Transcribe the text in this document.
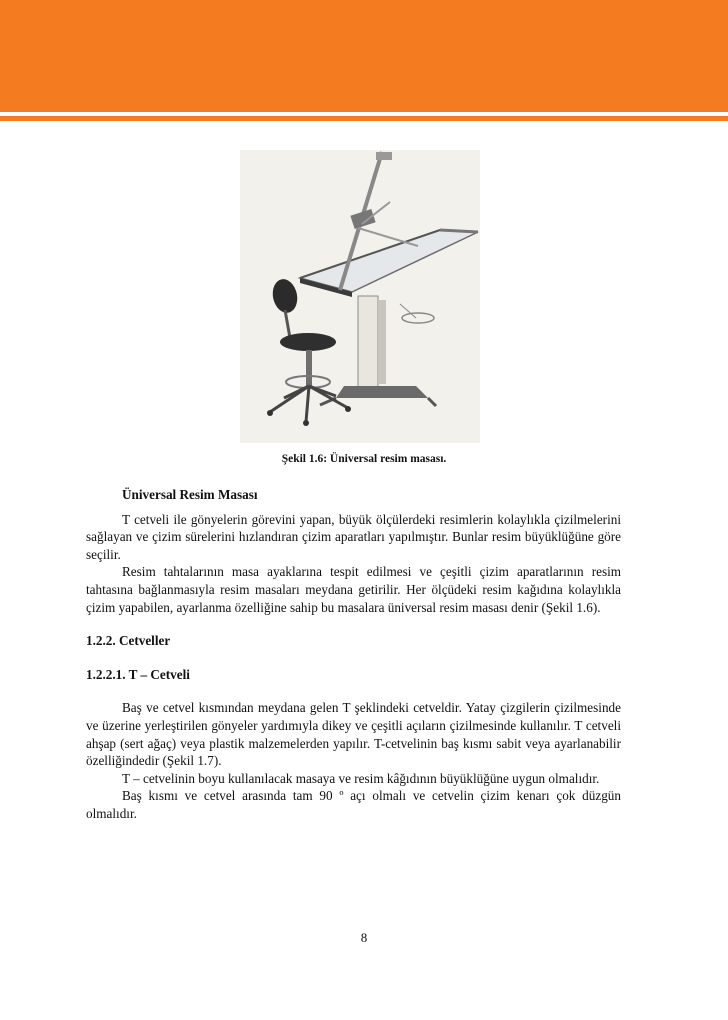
Şekil 1.6: Üniversal resim masası.

Üniversal Resim Masası

T cetveli ile gönyelerin görevini yapan, büyük ölçülerdeki resimlerin kolaylıkla çizilmelerini sağlayan ve çizim sürelerini hızlandıran çizim aparatları yapılmıştır. Bunlar resim büyüklüğüne göre seçilir.

Resim tahtalarının masa ayaklarına tespit edilmesi ve çeşitli çizim aparatlarının resim tahtasına bağlanmasıyla resim masaları meydana getirilir. Her ölçüdeki resim kağıdına kolaylıkla çizim yapabilen, ayarlanma özelliğine sahip bu masalara üniversal resim masası denir (Şekil 1.6).

1.2.2. Cetveller
1.2.2.1. T – Cetveli

Baş ve cetvel kısmından meydana gelen T şeklindeki cetveldir. Yatay çizgilerin çizilmesinde ve üzerine yerleştirilen gönyeler yardımıyla dikey ve çeşitli açıların çizilmesinde kullanılır. T cetveli ahşap (sert ağaç) veya plastik malzemelerden yapılır. T-cetvelinin baş kısmı sabit veya ayarlanabilir özelliğindedir (Şekil 1.7).

T – cetvelinin boyu kullanılacak masaya ve resim kâğıdının büyüklüğüne uygun olmalıdır.

Baş kısmı ve cetvel arasında tam 90 º açı olmalı ve cetvelin çizim kenarı çok düzgün olmalıdır.

8
